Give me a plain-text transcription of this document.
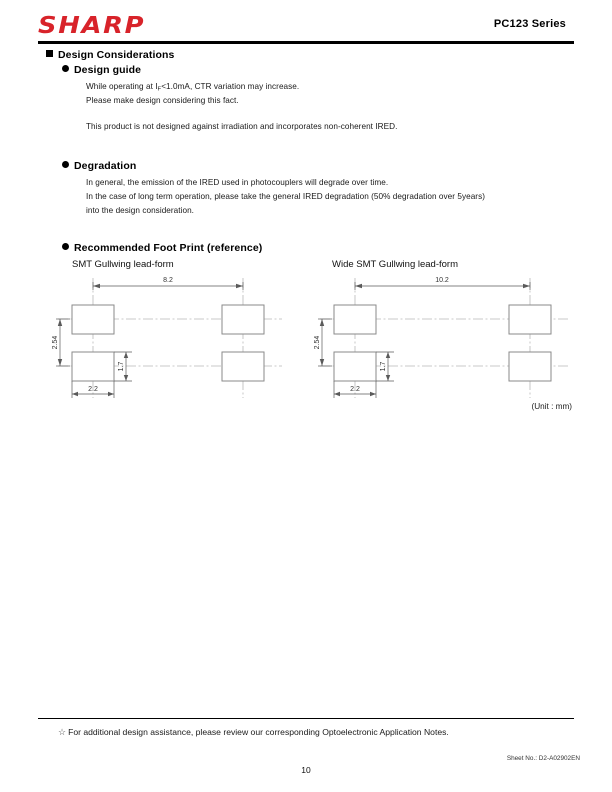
SHARP	PC123 Series
Design Considerations
Design guide
While operating at $I_F<1.0mA$, CTR variation may increase.
Please make design considering this fact.
This product is not designed against irradiation and incorporates non-coherent IRED.
Degradation
In general, the emission of the IRED used in photocouplers will degrade over time.
In the case of long term operation, please take the general IRED degradation (50% degradation over 5years)
into the design consideration.
Recommended Foot Print (reference)
SMT Gullwing lead-form	Wide SMT Gullwing lead-form
8.2
2.54
1.7
2.2
10.2
2.54
1.7
2.2
(Unit : mm)
☆ For additional design assistance, please review our corresponding Optoelectronic Application Notes.
Sheet No.: D2-A02902EN
10
